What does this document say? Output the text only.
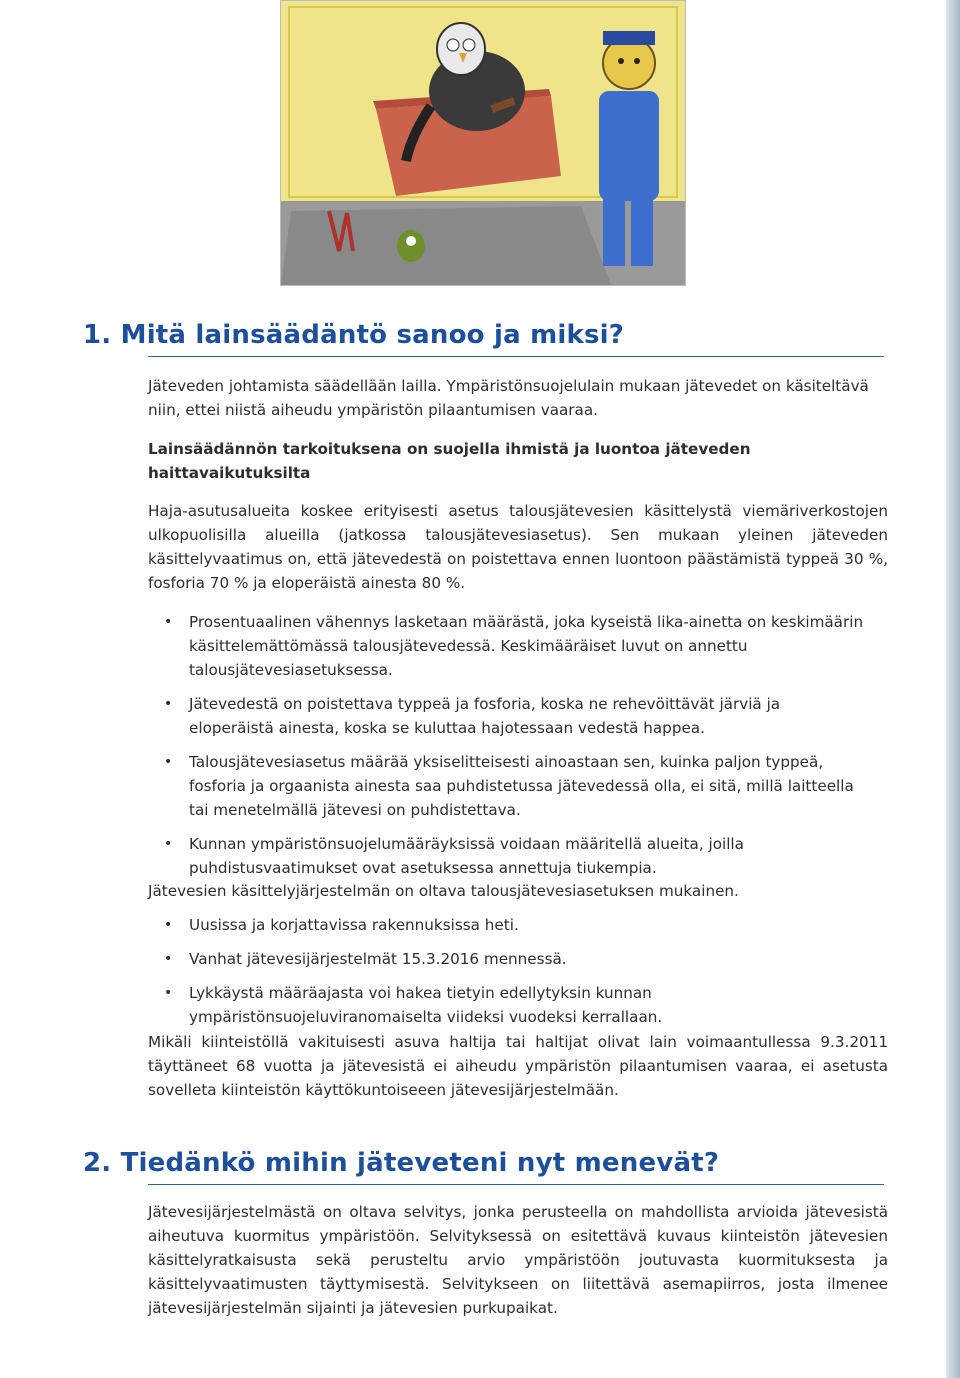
1. Mitä lainsäädäntö sanoo ja miksi?

Jäteveden johtamista säädellään lailla. Ympäristönsuojelulain mukaan jätevedet on käsiteltävä niin, ettei niistä aiheudu ympäristön pilaantumisen vaaraa.

Lainsäädännön tarkoituksena on suojella ihmistä ja luontoa jäteveden haittavaikutuksilta

Haja-asutusalueita koskee erityisesti asetus talousjätevesien käsittelystä viemäriverkostojen ulkopuolisilla alueilla (jatkossa talousjätevesiasetus). Sen mukaan yleinen jäteveden käsittelyvaatimus on, että jätevedestä on poistettava ennen luontoon päästämistä typpeä 30 %, fosforia 70 % ja eloperäistä ainesta 80 %.

• Prosentuaalinen vähennys lasketaan määrästä, joka kyseistä lika-ainetta on keskimäärin käsittelemättömässä talousjätevedessä. Keskimääräiset luvut on annettu talousjätevesiasetuksessa.
• Jätevedestä on poistettava typpeä ja fosforia, koska ne rehevöittävät järviä ja eloperäistä ainesta, koska se kuluttaa hajotessaan vedestä happea.
• Talousjätevesiasetus määrää yksiselitteisesti ainoastaan sen, kuinka paljon typpeä, fosforia ja orgaanista ainesta saa puhdistetussa jätevedessä olla, ei sitä, millä laitteella tai menetelmällä jätevesi on puhdistettava.
• Kunnan ympäristönsuojelumääräyksissä voidaan määritellä alueita, joilla puhdistusvaatimukset ovat asetuksessa annettuja tiukempia.

Jätevesien käsittelyjärjestelmän on oltava talousjätevesiasetuksen mukainen.

• Uusissa ja korjattavissa rakennuksissa heti.
• Vanhat jätevesijärjestelmät 15.3.2016 mennessä.
• Lykkäystä määräajasta voi hakea tietyin edellytyksin kunnan ympäristönsuojeluviranomaiselta viideksi vuodeksi kerrallaan.

Mikäli kiinteistöllä vakituisesti asuva haltija tai haltijat olivat lain voimaantullessa 9.3.2011 täyttäneet 68 vuotta ja jätevesistä ei aiheudu ympäristön pilaantumisen vaaraa, ei asetusta sovelleta kiinteistön käyttökuntoiseeen jätevesijärjestelmään.

2. Tiedänkö mihin jäteveteni nyt menevät?

Jätevesijärjestelmästä on oltava selvitys, jonka perusteella on mahdollista arvioida jätevesistä aiheutuva kuormitus ympäristöön. Selvityksessä on esitettävä kuvaus kiinteistön jätevesien käsittelyratkaisusta sekä perusteltu arvio ympäristöön joutuvasta kuormituksesta ja käsittelyvaatimusten täyttymisestä. Selvitykseen on liitettävä asemapiirros, josta ilmenee jätevesijärjestelmän sijainti ja jätevesien purkupaikat.
